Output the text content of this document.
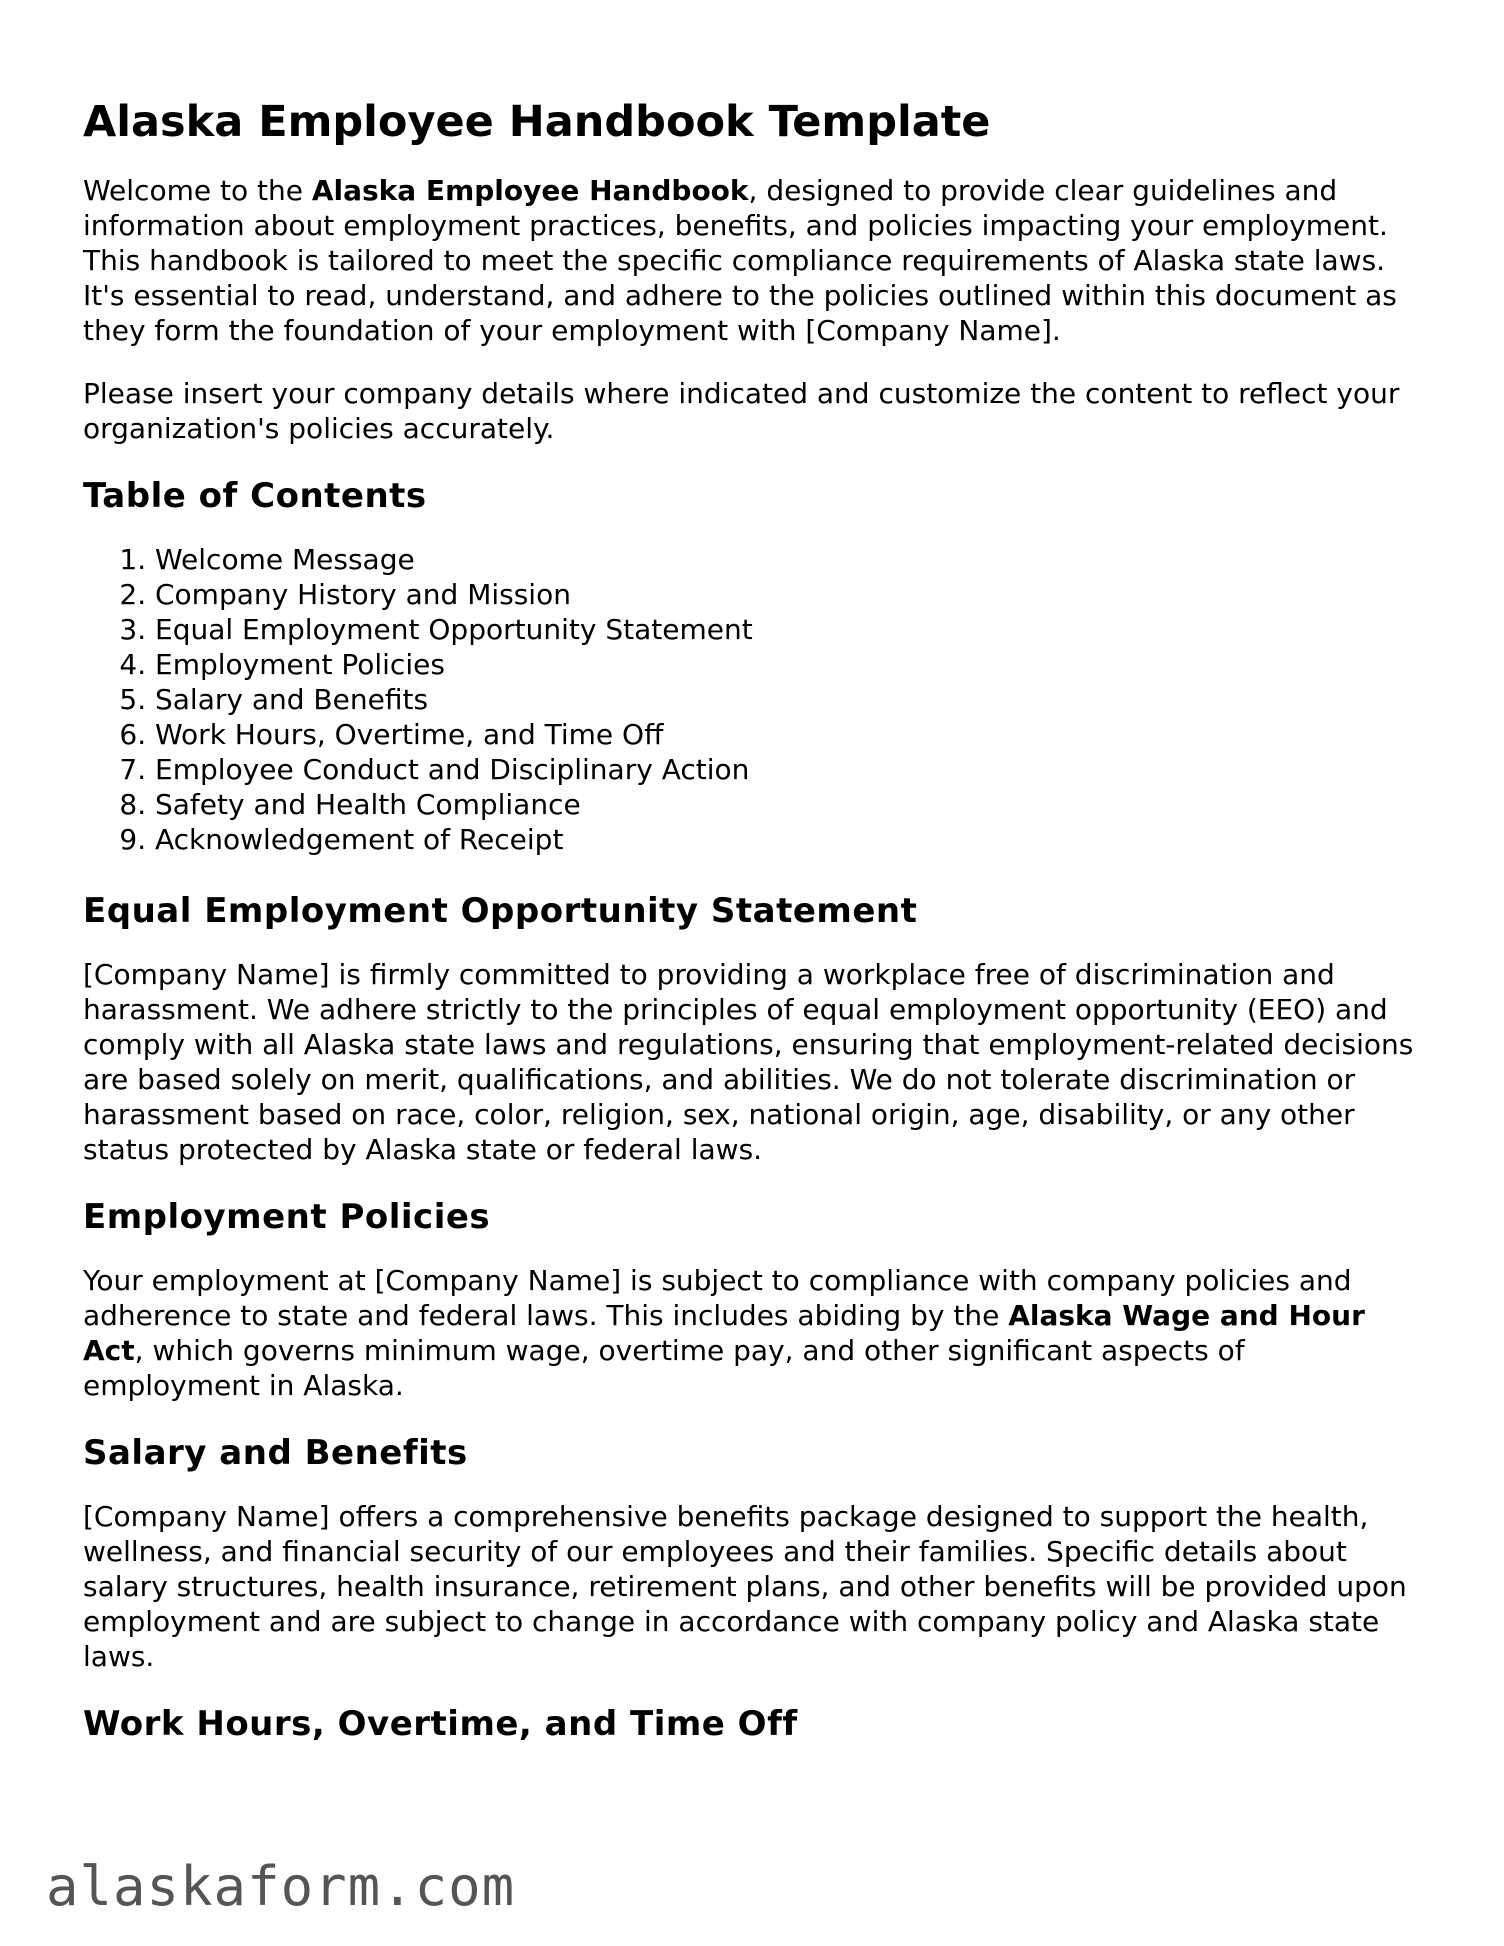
Alaska Employee Handbook Template

Welcome to the Alaska Employee Handbook, designed to provide clear guidelines and information about employment practices, benefits, and policies impacting your employment. This handbook is tailored to meet the specific compliance requirements of Alaska state laws. It's essential to read, understand, and adhere to the policies outlined within this document as they form the foundation of your employment with [Company Name].

Please insert your company details where indicated and customize the content to reflect your organization's policies accurately.

Table of Contents
1. Welcome Message
2. Company History and Mission
3. Equal Employment Opportunity Statement
4. Employment Policies
5. Salary and Benefits
6. Work Hours, Overtime, and Time Off
7. Employee Conduct and Disciplinary Action
8. Safety and Health Compliance
9. Acknowledgement of Receipt
Equal Employment Opportunity Statement

[Company Name] is firmly committed to providing a workplace free of discrimination and harassment. We adhere strictly to the principles of equal employment opportunity (EEO) and comply with all Alaska state laws and regulations, ensuring that employment-related decisions are based solely on merit, qualifications, and abilities. We do not tolerate discrimination or harassment based on race, color, religion, sex, national origin, age, disability, or any other status protected by Alaska state or federal laws.

Employment Policies

Your employment at [Company Name] is subject to compliance with company policies and adherence to state and federal laws. This includes abiding by the Alaska Wage and Hour Act, which governs minimum wage, overtime pay, and other significant aspects of employment in Alaska.

Salary and Benefits

[Company Name] offers a comprehensive benefits package designed to support the health, wellness, and financial security of our employees and their families. Specific details about salary structures, health insurance, retirement plans, and other benefits will be provided upon employment and are subject to change in accordance with company policy and Alaska state laws.

Work Hours, Overtime, and Time Off
alaskaform.com
